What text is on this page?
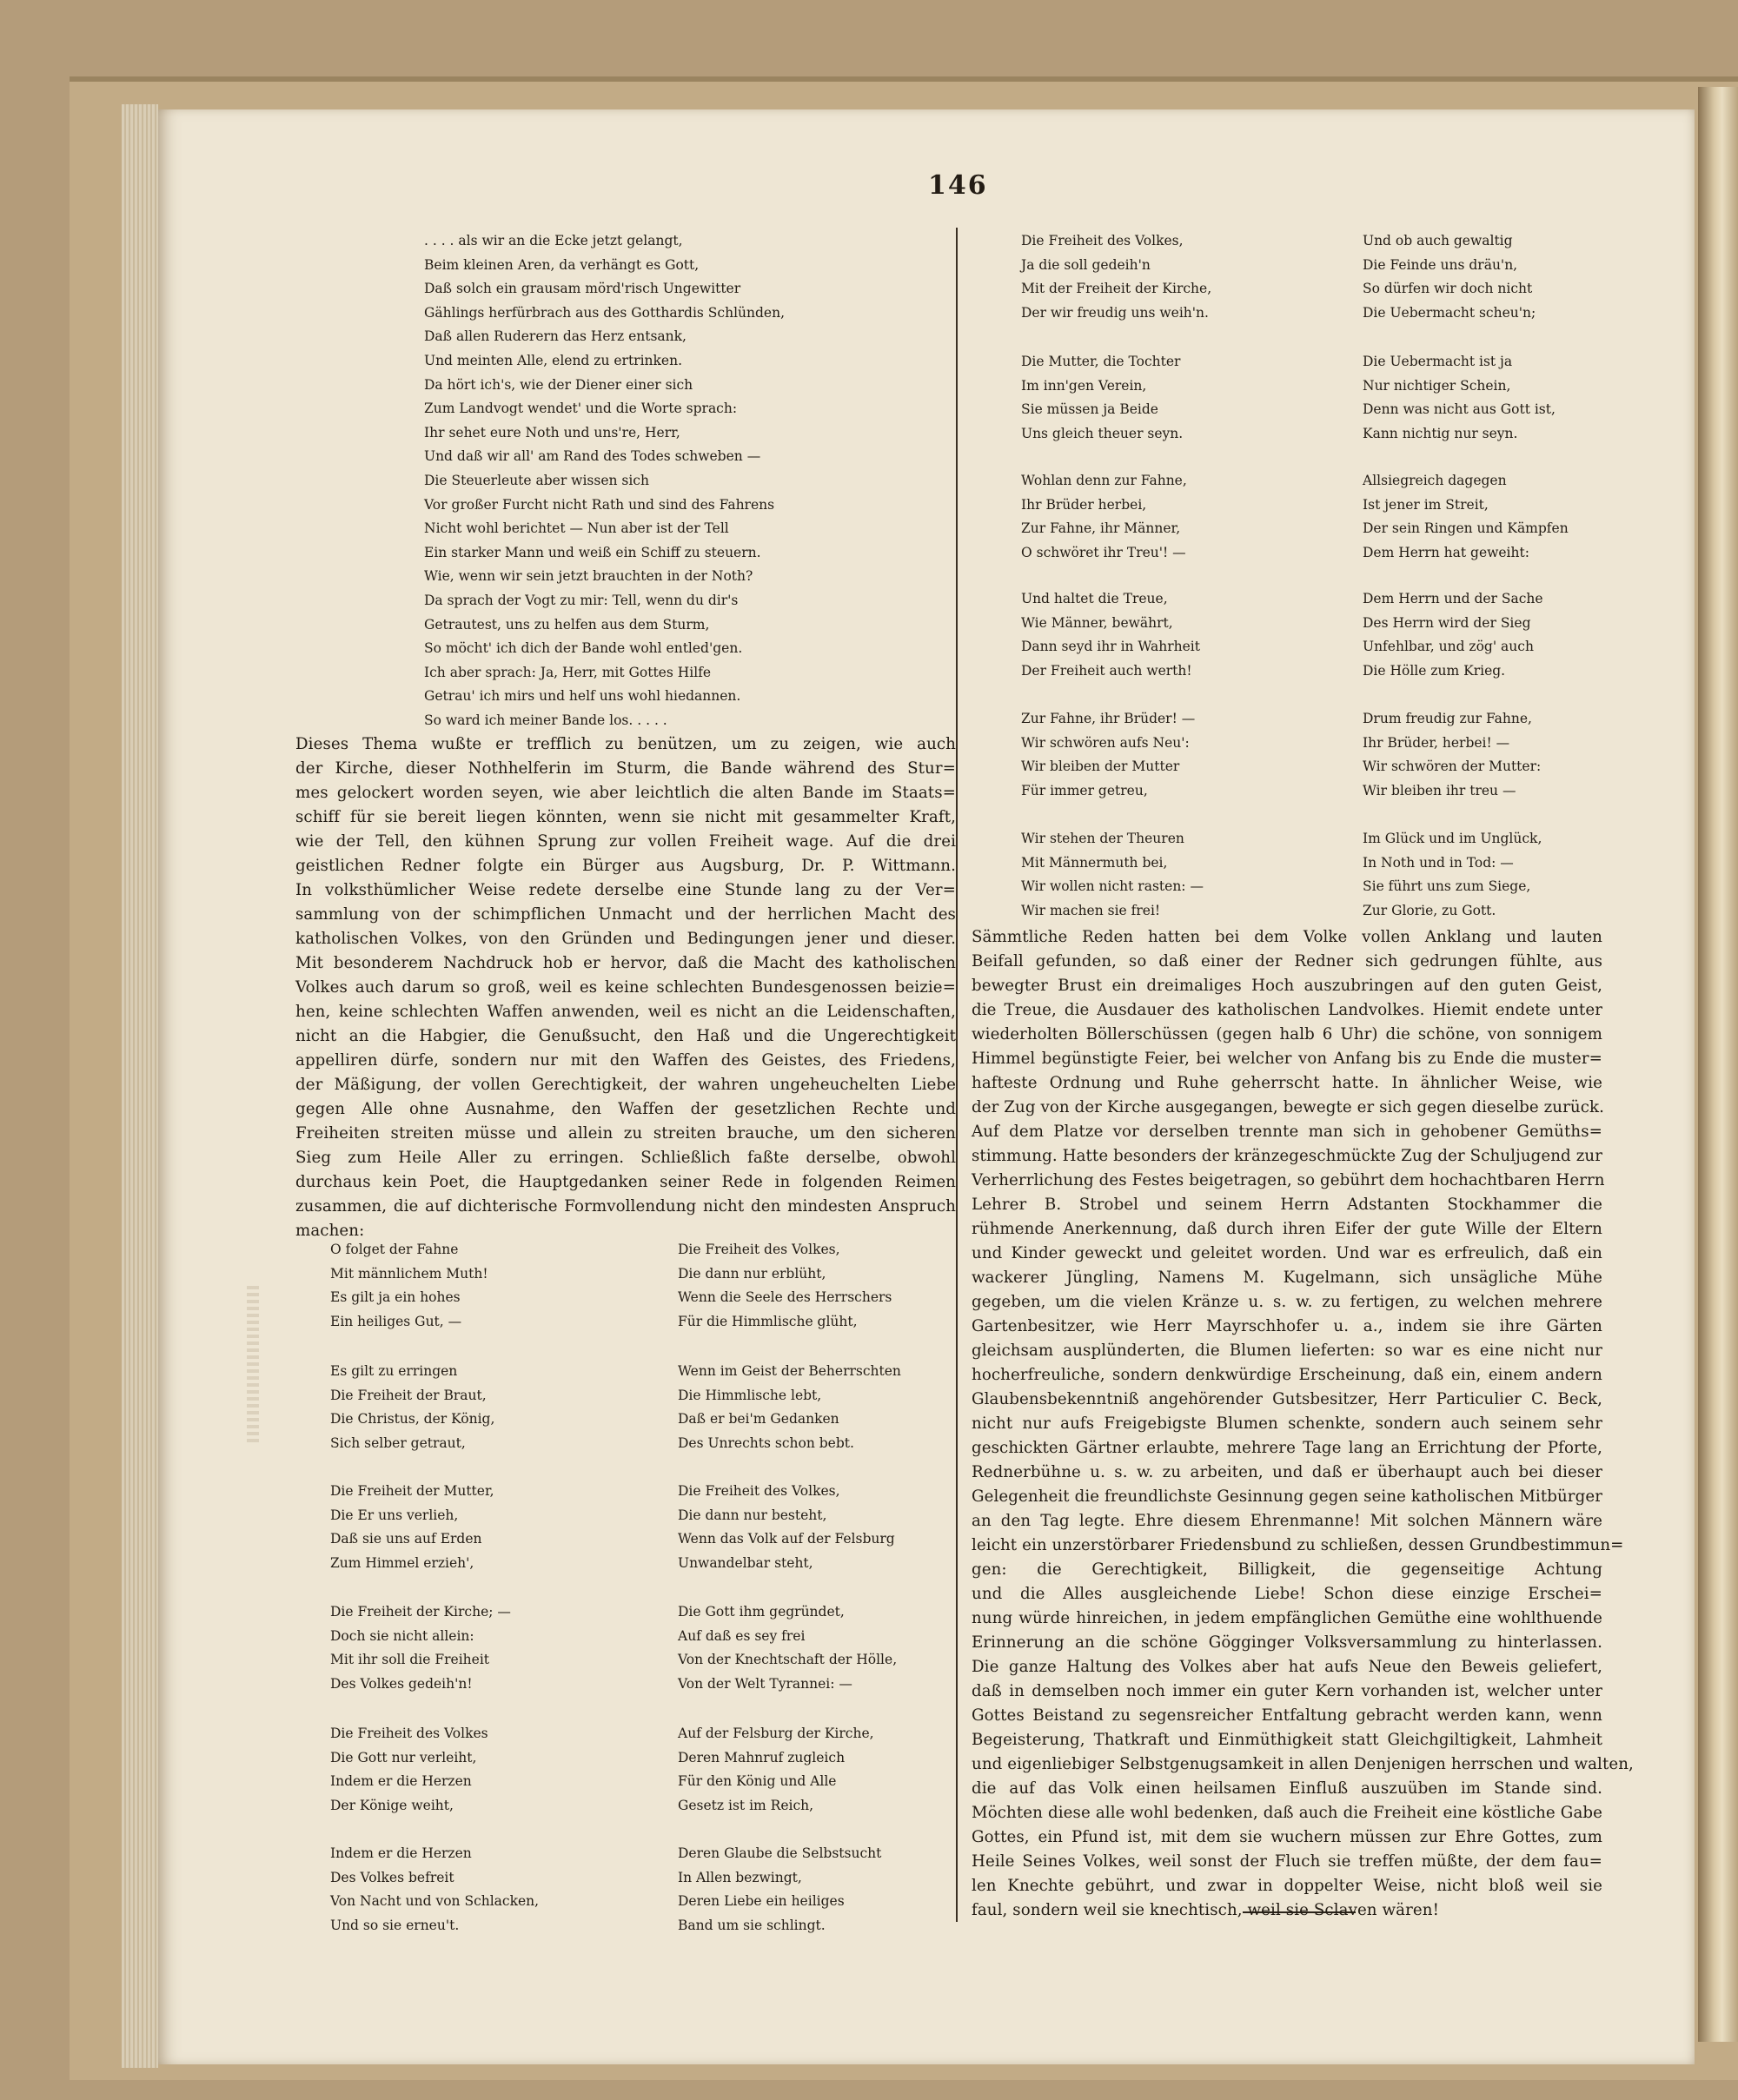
146
. . . . als wir an die Ecke jetzt gelangt,
Beim kleinen Aren, da verhängt es Gott,
Daß solch ein grausam mörd'risch Ungewitter
Gählings herfürbrach aus des Gotthardis Schlünden,
Daß allen Ruderern das Herz entsank,
Und meinten Alle, elend zu ertrinken.
Da hört ich's, wie der Diener einer sich
Zum Landvogt wendet' und die Worte sprach:
Ihr sehet eure Noth und uns're, Herr,
Und daß wir all' am Rand des Todes schweben —
Die Steuerleute aber wissen sich
Vor großer Furcht nicht Rath und sind des Fahrens
Nicht wohl berichtet — Nun aber ist der Tell
Ein starker Mann und weiß ein Schiff zu steuern.
Wie, wenn wir sein jetzt brauchten in der Noth?
Da sprach der Vogt zu mir: Tell, wenn du dir's
Getrautest, uns zu helfen aus dem Sturm,
So möcht' ich dich der Bande wohl entled'gen.
Ich aber sprach: Ja, Herr, mit Gottes Hilfe
Getrau' ich mirs und helf uns wohl hiedannen.
So ward ich meiner Bande los. . . . .
Dieses Thema wußte er trefflich zu benützen, um zu zeigen, wie auch
der Kirche, dieser Nothhelferin im Sturm, die Bande während des Stur=
mes gelockert worden seyen, wie aber leichtlich die alten Bande im Staats=
schiff für sie bereit liegen könnten, wenn sie nicht mit gesammelter Kraft,
wie der Tell, den kühnen Sprung zur vollen Freiheit wage. Auf die drei
geistlichen Redner folgte ein Bürger aus Augsburg, Dr. P. Wittmann.
In volksthümlicher Weise redete derselbe eine Stunde lang zu der Ver=
sammlung von der schimpflichen Unmacht und der herrlichen Macht des
katholischen Volkes, von den Gründen und Bedingungen jener und dieser.
Mit besonderem Nachdruck hob er hervor, daß die Macht des katholischen
Volkes auch darum so groß, weil es keine schlechten Bundesgenossen beizie=
hen, keine schlechten Waffen anwenden, weil es nicht an die Leidenschaften,
nicht an die Habgier, die Genußsucht, den Haß und die Ungerechtigkeit
appelliren dürfe, sondern nur mit den Waffen des Geistes, des Friedens,
der Mäßigung, der vollen Gerechtigkeit, der wahren ungeheuchelten Liebe
gegen Alle ohne Ausnahme, den Waffen der gesetzlichen Rechte und
Freiheiten streiten müsse und allein zu streiten brauche, um den sicheren
Sieg zum Heile Aller zu erringen. Schließlich faßte derselbe, obwohl
durchaus kein Poet, die Hauptgedanken seiner Rede in folgenden Reimen
zusammen, die auf dichterische Formvollendung nicht den mindesten Anspruch
machen:
O folget der Fahne
Mit männlichem Muth!
Es gilt ja ein hohes
Ein heiliges Gut, —
Es gilt zu erringen
Die Freiheit der Braut,
Die Christus, der König,
Sich selber getraut,
Die Freiheit der Mutter,
Die Er uns verlieh,
Daß sie uns auf Erden
Zum Himmel erzieh',
Die Freiheit der Kirche; —
Doch sie nicht allein:
Mit ihr soll die Freiheit
Des Volkes gedeih'n!
Die Freiheit des Volkes
Die Gott nur verleiht,
Indem er die Herzen
Der Könige weiht,
Indem er die Herzen
Des Volkes befreit
Von Nacht und von Schlacken,
Und so sie erneu't.
Die Freiheit des Volkes,
Die dann nur erblüht,
Wenn die Seele des Herrschers
Für die Himmlische glüht,
Wenn im Geist der Beherrschten
Die Himmlische lebt,
Daß er bei'm Gedanken
Des Unrechts schon bebt.
Die Freiheit des Volkes,
Die dann nur besteht,
Wenn das Volk auf der Felsburg
Unwandelbar steht,
Die Gott ihm gegründet,
Auf daß es sey frei
Von der Knechtschaft der Hölle,
Von der Welt Tyrannei: —
Auf der Felsburg der Kirche,
Deren Mahnruf zugleich
Für den König und Alle
Gesetz ist im Reich,
Deren Glaube die Selbstsucht
In Allen bezwingt,
Deren Liebe ein heiliges
Band um sie schlingt.
Die Freiheit des Volkes,
Ja die soll gedeih'n
Mit der Freiheit der Kirche,
Der wir freudig uns weih'n.
Die Mutter, die Tochter
Im inn'gen Verein,
Sie müssen ja Beide
Uns gleich theuer seyn.
Wohlan denn zur Fahne,
Ihr Brüder herbei,
Zur Fahne, ihr Männer,
O schwöret ihr Treu'! —
Und haltet die Treue,
Wie Männer, bewährt,
Dann seyd ihr in Wahrheit
Der Freiheit auch werth!
Zur Fahne, ihr Brüder! —
Wir schwören aufs Neu':
Wir bleiben der Mutter
Für immer getreu,
Wir stehen der Theuren
Mit Männermuth bei,
Wir wollen nicht rasten: —
Wir machen sie frei!
Und ob auch gewaltig
Die Feinde uns dräu'n,
So dürfen wir doch nicht
Die Uebermacht scheu'n;
Die Uebermacht ist ja
Nur nichtiger Schein,
Denn was nicht aus Gott ist,
Kann nichtig nur seyn.
Allsiegreich dagegen
Ist jener im Streit,
Der sein Ringen und Kämpfen
Dem Herrn hat geweiht:
Dem Herrn und der Sache
Des Herrn wird der Sieg
Unfehlbar, und zög' auch
Die Hölle zum Krieg.
Drum freudig zur Fahne,
Ihr Brüder, herbei! —
Wir schwören der Mutter:
Wir bleiben ihr treu —
Im Glück und im Unglück,
In Noth und in Tod: —
Sie führt uns zum Siege,
Zur Glorie, zu Gott.
Sämmtliche Reden hatten bei dem Volke vollen Anklang und lauten
Beifall gefunden, so daß einer der Redner sich gedrungen fühlte, aus
bewegter Brust ein dreimaliges Hoch auszubringen auf den guten Geist,
die Treue, die Ausdauer des katholischen Landvolkes. Hiemit endete unter
wiederholten Böllerschüssen (gegen halb 6 Uhr) die schöne, von sonnigem
Himmel begünstigte Feier, bei welcher von Anfang bis zu Ende die muster=
hafteste Ordnung und Ruhe geherrscht hatte. In ähnlicher Weise, wie
der Zug von der Kirche ausgegangen, bewegte er sich gegen dieselbe zurück.
Auf dem Platze vor derselben trennte man sich in gehobener Gemüths=
stimmung. Hatte besonders der kränzegeschmückte Zug der Schuljugend zur
Verherrlichung des Festes beigetragen, so gebührt dem hochachtbaren Herrn
Lehrer B. Strobel und seinem Herrn Adstanten Stockhammer die
rühmende Anerkennung, daß durch ihren Eifer der gute Wille der Eltern
und Kinder geweckt und geleitet worden. Und war es erfreulich, daß ein
wackerer Jüngling, Namens M. Kugelmann, sich unsägliche Mühe
gegeben, um die vielen Kränze u. s. w. zu fertigen, zu welchen mehrere
Gartenbesitzer, wie Herr Mayrschhofer u. a., indem sie ihre Gärten
gleichsam ausplünderten, die Blumen lieferten: so war es eine nicht nur
hocherfreuliche, sondern denkwürdige Erscheinung, daß ein, einem andern
Glaubensbekenntniß angehörender Gutsbesitzer, Herr Particulier C. Beck,
nicht nur aufs Freigebigste Blumen schenkte, sondern auch seinem sehr
geschickten Gärtner erlaubte, mehrere Tage lang an Errichtung der Pforte,
Rednerbühne u. s. w. zu arbeiten, und daß er überhaupt auch bei dieser
Gelegenheit die freundlichste Gesinnung gegen seine katholischen Mitbürger
an den Tag legte. Ehre diesem Ehrenmanne! Mit solchen Männern wäre
leicht ein unzerstörbarer Friedensbund zu schließen, dessen Grundbestimmun=
gen: die Gerechtigkeit, Billigkeit, die gegenseitige Achtung
und die Alles ausgleichende Liebe! Schon diese einzige Erschei=
nung würde hinreichen, in jedem empfänglichen Gemüthe eine wohlthuende
Erinnerung an die schöne Gögginger Volksversammlung zu hinterlassen.
Die ganze Haltung des Volkes aber hat aufs Neue den Beweis geliefert,
daß in demselben noch immer ein guter Kern vorhanden ist, welcher unter
Gottes Beistand zu segensreicher Entfaltung gebracht werden kann, wenn
Begeisterung, Thatkraft und Einmüthigkeit statt Gleichgiltigkeit, Lahmheit
und eigenliebiger Selbstgenugsamkeit in allen Denjenigen herrschen und walten,
die auf das Volk einen heilsamen Einfluß auszuüben im Stande sind.
Möchten diese alle wohl bedenken, daß auch die Freiheit eine köstliche Gabe
Gottes, ein Pfund ist, mit dem sie wuchern müssen zur Ehre Gottes, zum
Heile Seines Volkes, weil sonst der Fluch sie treffen müßte, der dem fau=
len Knechte gebührt, und zwar in doppelter Weise, nicht bloß weil sie
faul, sondern weil sie knechtisch, weil sie Sclaven wären!
